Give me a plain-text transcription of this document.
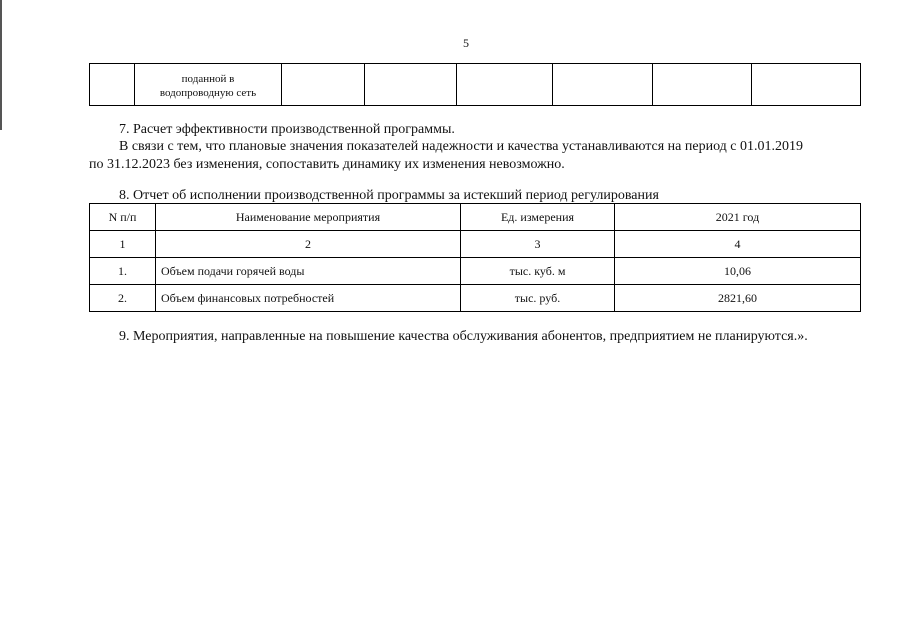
5

поданной в
водопроводную сеть

7. Расчет эффективности производственной программы.
В связи с тем, что плановые значения показателей надежности и качества устанавливаются на период с 01.01.2019
по 31.12.2023 без изменения, сопоставить динамику их изменения невозможно.
8. Отчет об исполнении производственной программы за истекший период регулирования
N п/п	Наименование мероприятия	Ед. измерения	2021 год
1	2	3	4
1.	Объем подачи горячей воды	тыс. куб. м	10,06
2.	Объем финансовых потребностей	тыс. руб.	2821,60
9. Мероприятия, направленные на повышение качества обслуживания абонентов, предприятием не планируются.».
